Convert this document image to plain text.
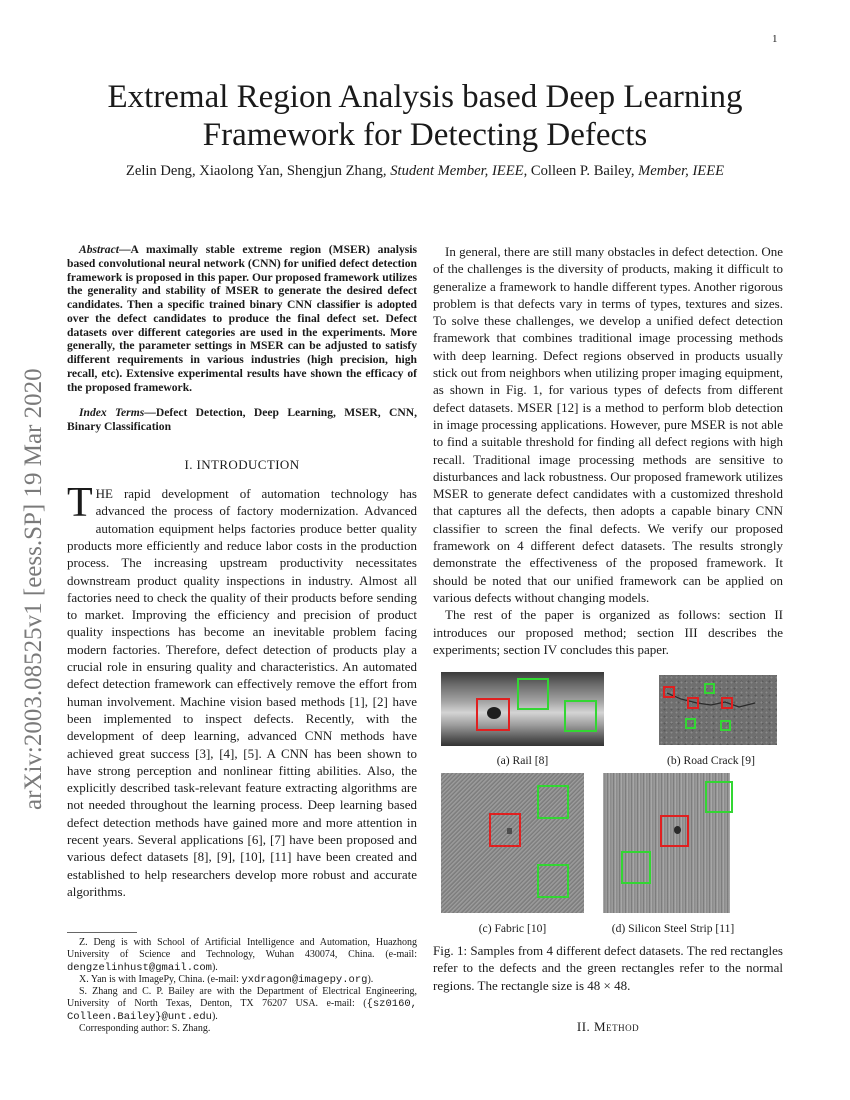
1
arXiv:2003.08525v1 [eess.SP] 19 Mar 2020
Extremal Region Analysis based Deep Learning
Framework for Detecting Defects
Zelin Deng, Xiaolong Yan, Shengjun Zhang, Student Member, IEEE, Colleen P. Bailey, Member, IEEE

Abstract—A maximally stable extreme region (MSER) analysis based convolutional neural network (CNN) for unified defect detection framework is proposed in this paper. Our proposed framework utilizes the generality and stability of MSER to generate the desired defect candidates. Then a specific trained binary CNN classifier is adopted over the defect candidates to produce the final defect set. Defect datasets over different categories are used in the experiments. More generally, the parameter settings in MSER can be adjusted to satisfy different requirements in various industries (high precision, high recall, etc). Extensive experimental results have shown the efficacy of the proposed framework.

Index Terms—Defect Detection, Deep Learning, MSER, CNN, Binary Classification

I. INTRODUCTION

THE rapid development of automation technology has advanced the process of factory modernization. Advanced automation equipment helps factories produce better quality products more efficiently and reduce labor costs in the production process. The increasing upstream productivity necessitates downstream product quality inspections in industry. Almost all factories need to check the quality of their products before sending to market. Improving the efficiency and precision of product quality inspections has become an inevitable problem facing modern factories. Therefore, defect detection of products play a crucial role in ensuring quality and characteristics. An automated defect detection framework can effectively remove the effort from human involvement. Machine vision based methods [1], [2] have been implemented to inspect defects. Recently, with the development of deep learning, advanced CNN methods have achieved great success [3], [4], [5]. A CNN has been shown to have strong perception and nonlinear fitting abilities. Also, the explicitly described task-relevant feature extracting algorithms are not needed throughout the learning process. Deep learning based defect detection methods have gained more and more attention in recent years. Several applications [6], [7] have been proposed and various defect datasets [8], [9], [10], [11] have been created and established to help researchers develop more robust and accurate algorithms.

Z. Deng is with School of Artificial Intelligence and Automation, Huazhong University of Science and Technology, Wuhan 430074, China. (e-mail: dengzelinhust@gmail.com).

X. Yan is with ImagePy, China. (e-mail: yxdragon@imagepy.org).

S. Zhang and C. P. Bailey are with the Department of Electrical Engineering, University of North Texas, Denton, TX 76207 USA. e-mail: ({sz0160, Colleen.Bailey}@unt.edu).

Corresponding author: S. Zhang.

In general, there are still many obstacles in defect detection. One of the challenges is the diversity of products, making it difficult to generalize a framework to handle different types. Another rigorous problem is that defects vary in terms of types, textures and sizes. To solve these challenges, we develop a unified defect detection framework that combines traditional image processing methods with deep learning. Defect regions observed in products usually stick out from neighbors when utilizing proper imaging equipment, as shown in Fig. 1, for various types of defects from different defect datasets. MSER [12] is a method to perform blob detection in image processing applications. However, pure MSER is not able to find a suitable threshold for finding all defect regions with high recall. Traditional image processing methods are sensitive to disturbances and lack robustness. Our proposed framework utilizes MSER to generate defect candidates with a customized threshold that captures all the defects, then adopts a capable binary CNN classifier to screen the final defects. We verify our proposed framework on 4 different defect datasets. The results strongly demonstrate the effectiveness of the proposed framework. It should be noted that our unified framework can be applied on various defects without changing models.

The rest of the paper is organized as follows: section II introduces our proposed method; section III describes the experiments; section IV concludes this paper.

(a) Rail [8]	(b) Road Crack [9]
(c) Fabric [10]	(d) Silicon Steel Strip [11]
Fig. 1: Samples from 4 different defect datasets. The red rectangles refer to the defects and the green rectangles refer to the normal regions. The rectangle size is 48 × 48.
II. Method
